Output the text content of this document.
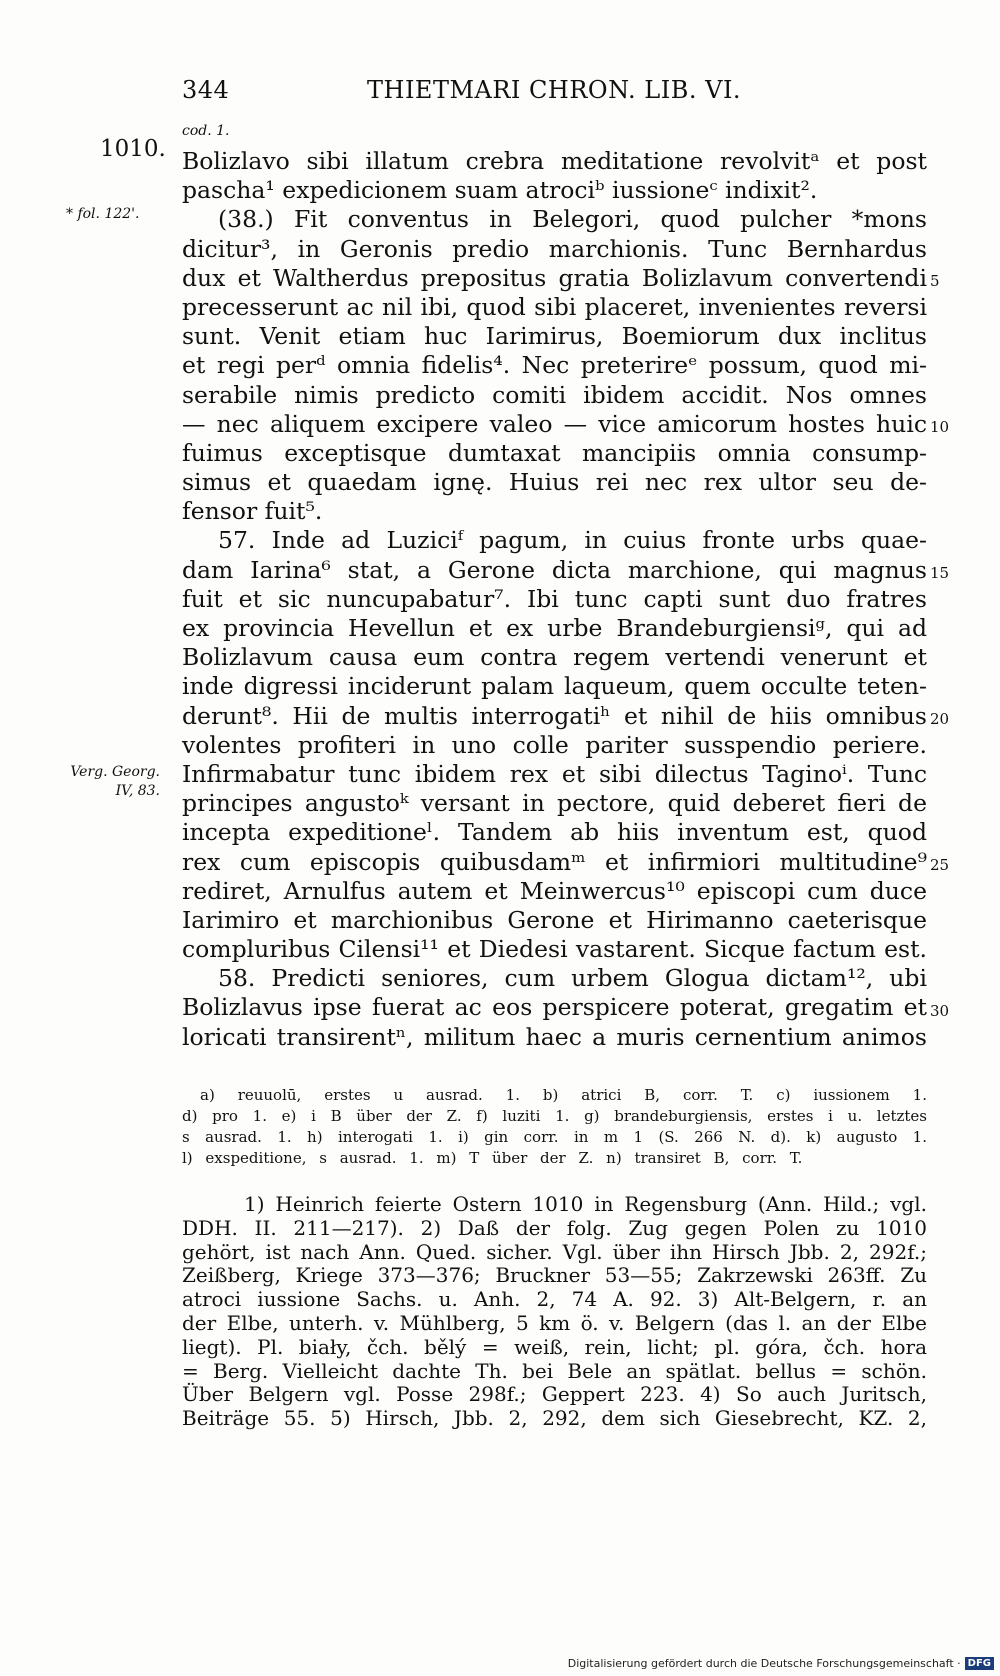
344	THIETMARI CHRON. LIB. VI.
cod. 1.
1010.
* fol. 122'.
Verg. Georg.
IV, 83.
5
10
15
20
25
30
Bolizlavo sibi illatum crebra meditatione revolvitᵃ et post
pascha¹ expedicionem suam atrociᵇ iussioneᶜ indixit².
(38.) Fit conventus in Belegori, quod pulcher *mons
dicitur³, in Geronis predio marchionis. Tunc Bernhardus
dux et Waltherdus prepositus gratia Bolizlavum convertendi
precesserunt ac nil ibi, quod sibi placeret, invenientes reversi
sunt. Venit etiam huc Iarimirus, Boemiorum dux inclitus
et regi perᵈ omnia fidelis⁴. Nec preterireᵉ possum, quod mi-
serabile nimis predicto comiti ibidem accidit. Nos omnes
— nec aliquem excipere valeo — vice amicorum hostes huic
fuimus exceptisque dumtaxat mancipiis omnia consump-
simus et quaedam ignę. Huius rei nec rex ultor seu de-
fensor fuit⁵.
57. Inde ad Luziciᶠ pagum, in cuius fronte urbs quae-
dam Iarina⁶ stat, a Gerone dicta marchione, qui magnus
fuit et sic nuncupabatur⁷. Ibi tunc capti sunt duo fratres
ex provincia Hevellun et ex urbe Brandeburgiensiᵍ, qui ad
Bolizlavum causa eum contra regem vertendi venerunt et
inde digressi inciderunt palam laqueum, quem occulte teten-
derunt⁸. Hii de multis interrogatiʰ et nihil de hiis omnibus
volentes profiteri in uno colle pariter susspendio periere.
Infirmabatur tunc ibidem rex et sibi dilectus Taginoⁱ. Tunc
principes angustoᵏ versant in pectore, quid deberet fieri de
incepta expeditioneˡ. Tandem ab hiis inventum est, quod
rex cum episcopis quibusdamᵐ et infirmiori multitudine⁹
rediret, Arnulfus autem et Meinwercus¹⁰ episcopi cum duce
Iarimiro et marchionibus Gerone et Hirimanno caeterisque
compluribus Cilensi¹¹ et Diedesi vastarent. Sicque factum est.
58. Predicti seniores, cum urbem Glogua dictam¹², ubi
Bolizlavus ipse fuerat ac eos perspicere poterat, gregatim et
loricati transirentⁿ, militum haec a muris cernentium animos
a) reuuolū, erstes u ausrad. 1. b) atrici B, corr. T. c) iussionem 1.
d) pro 1. e) i B über der Z. f) luziti 1. g) brandeburgiensis, erstes i u. letztes
s ausrad. 1. h) interogati 1. i) gin corr. in m 1 (S. 266 N. d). k) augusto 1.
l) exspeditione, s ausrad. 1. m) T über der Z. n) transiret B, corr. T.
1) Heinrich feierte Ostern 1010 in Regensburg (Ann. Hild.; vgl.
DDH. II. 211—217). 2) Daß der folg. Zug gegen Polen zu 1010
gehört, ist nach Ann. Qued. sicher. Vgl. über ihn Hirsch Jbb. 2, 292f.;
Zeißberg, Kriege 373—376; Bruckner 53—55; Zakrzewski 263ff. Zu
atroci iussione Sachs. u. Anh. 2, 74 A. 92. 3) Alt-Belgern, r. an
der Elbe, unterh. v. Mühlberg, 5 km ö. v. Belgern (das l. an der Elbe
liegt). Pl. biały, čch. bělý = weiß, rein, licht; pl. góra, čch. hora
= Berg. Vielleicht dachte Th. bei Bele an spätlat. bellus = schön.
Über Belgern vgl. Posse 298f.; Geppert 223. 4) So auch Juritsch,
Beiträge 55. 5) Hirsch, Jbb. 2, 292, dem sich Giesebrecht, KZ. 2,
Digitalisierung gefördert durch die Deutsche Forschungsgemeinschaft · DFG
